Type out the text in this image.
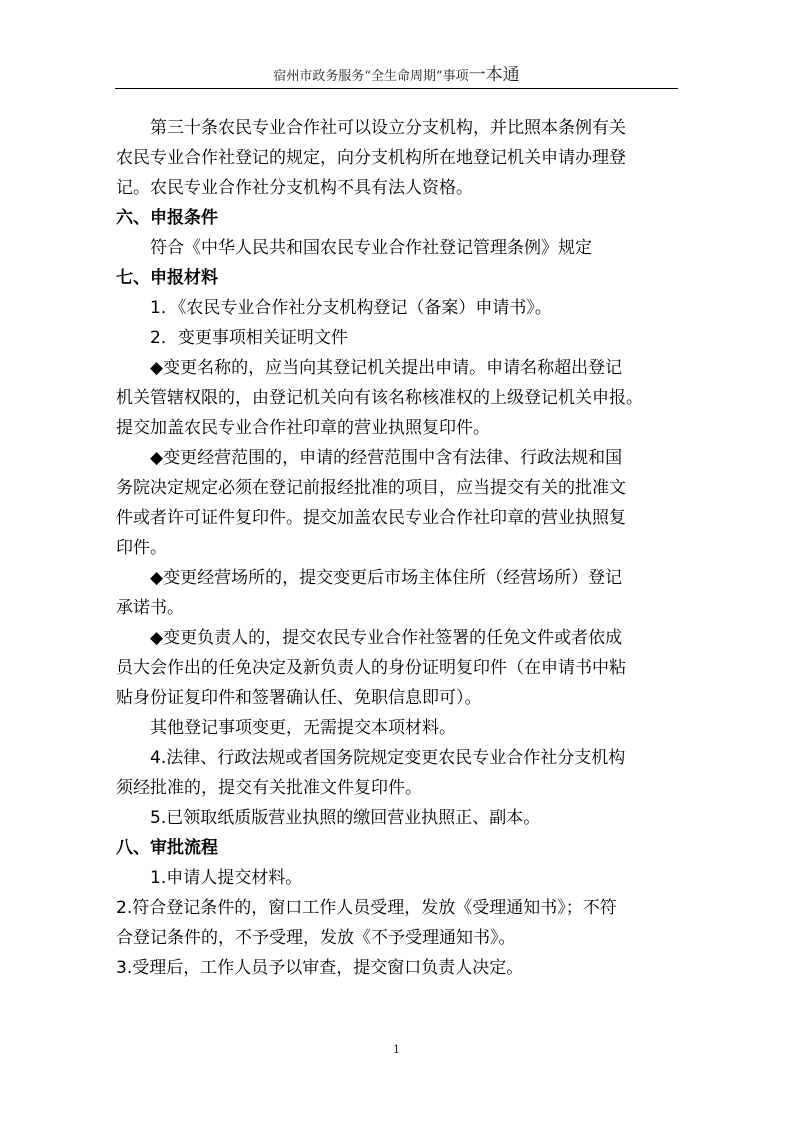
宿州市政务服务“全生命周期”事项一本通
第三十条农民专业合作社可以设立分支机构，并比照本条例有关
农民专业合作社登记的规定，向分支机构所在地登记机关申请办理登
记。农民专业合作社分支机构不具有法人资格。
六、申报条件
符合《中华人民共和国农民专业合作社登记管理条例》规定
七、申报材料
1．《农民专业合作社分支机构登记（备案）申请书》。
2．变更事项相关证明文件
◆变更名称的，应当向其登记机关提出申请。申请名称超出登记
机关管辖权限的，由登记机关向有该名称核准权的上级登记机关申报。
提交加盖农民专业合作社印章的营业执照复印件。
◆变更经营范围的，申请的经营范围中含有法律、行政法规和国
务院决定规定必须在登记前报经批准的项目，应当提交有关的批准文
件或者许可证件复印件。提交加盖农民专业合作社印章的营业执照复
印件。
◆变更经营场所的，提交变更后市场主体住所（经营场所）登记
承诺书。
◆变更负责人的，提交农民专业合作社签署的任免文件或者依成
员大会作出的任免决定及新负责人的身份证明复印件（在申请书中粘
贴身份证复印件和签署确认任、免职信息即可）。
其他登记事项变更，无需提交本项材料。
4.法律、行政法规或者国务院规定变更农民专业合作社分支机构
须经批准的，提交有关批准文件复印件。
5.已领取纸质版营业执照的缴回营业执照正、副本。
八、审批流程
1.申请人提交材料。
2.符合登记条件的，窗口工作人员受理，发放《受理通知书》；不符
合登记条件的，不予受理，发放《不予受理通知书》。
3.受理后，工作人员予以审查，提交窗口负责人决定。
1
